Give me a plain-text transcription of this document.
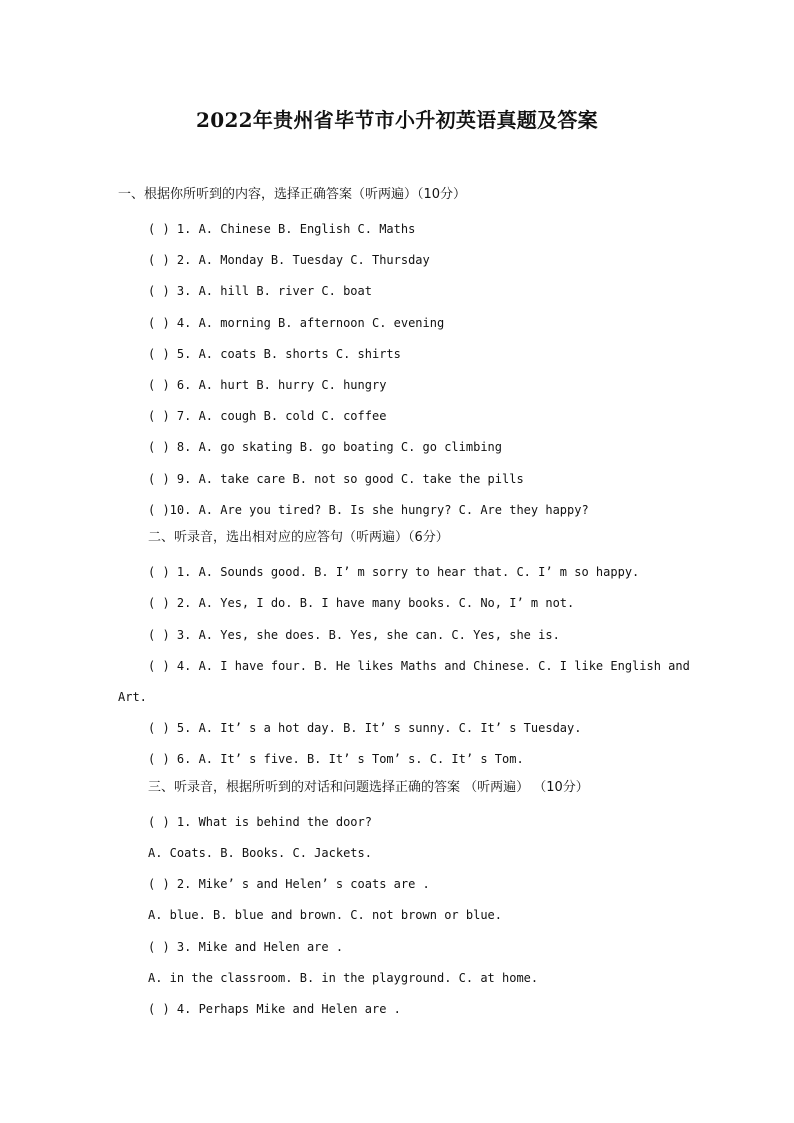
2022年贵州省毕节市小升初英语真题及答案
一、根据你所听到的内容，选择正确答案（听两遍）（10分）
( ) 1. A. Chinese B. English C. Maths
( ) 2. A. Monday B. Tuesday C. Thursday
( ) 3. A. hill B. river C. boat
( ) 4. A. morning B. afternoon C. evening
( ) 5. A. coats B. shorts C. shirts
( ) 6. A. hurt B. hurry C. hungry
( ) 7. A. cough B. cold C. coffee
( ) 8. A. go skating B. go boating C. go climbing
( ) 9. A. take care B. not so good C. take the pills
( )10. A. Are you tired? B. Is she hungry? C. Are they happy?
二、听录音，选出相对应的应答句（听两遍）（6分）
( ) 1. A. Sounds good. B. I’ m sorry to hear that. C. I’ m so happy.
( ) 2. A. Yes, I do. B. I have many books. C. No, I’ m not.
( ) 3. A. Yes, she does. B. Yes, she can. C. Yes, she is.
( ) 4. A. I have four. B. He likes Maths and Chinese. C. I like English and
Art.
( ) 5. A. It’ s a hot day. B. It’ s sunny. C. It’ s Tuesday.
( ) 6. A. It’ s five. B. It’ s Tom’ s. C. It’ s Tom.
三、听录音，根据所听到的对话和问题选择正确的答案 （听两遍） （10分）
( ) 1. What is behind the door?
A. Coats. B. Books. C. Jackets.
( ) 2. Mike’ s and Helen’ s coats are .
A. blue. B. blue and brown. C. not brown or blue.
( ) 3. Mike and Helen are .
A. in the classroom. B. in the playground. C. at home.
( ) 4. Perhaps Mike and Helen are .
